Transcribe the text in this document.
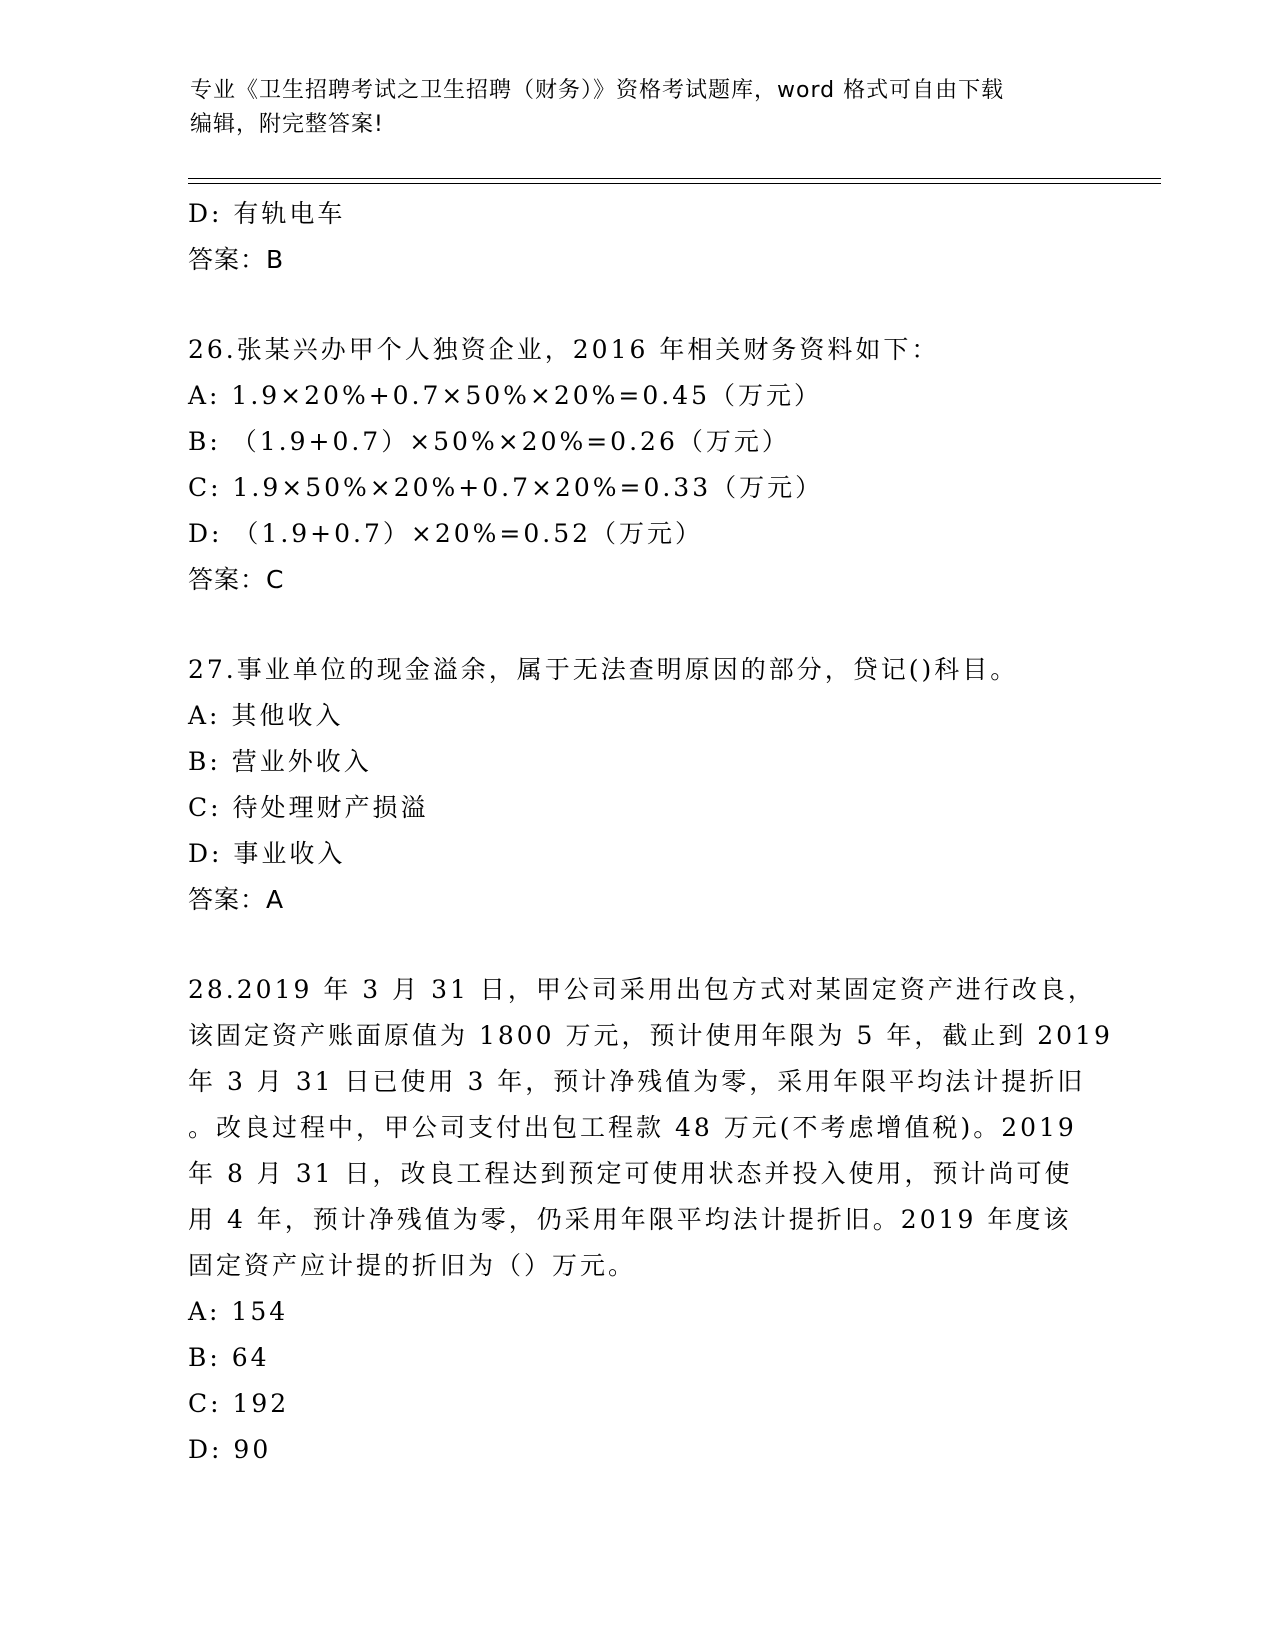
专业《卫生招聘考试之卫生招聘（财务）》资格考试题库，word 格式可自由下载
编辑，附完整答案!
D: 有轨电车
答案：B
26.张某兴办甲个人独资企业，2016 年相关财务资料如下：
A: 1.9×20%+0.7×50%×20%=0.45（万元）
B: （1.9+0.7）×50%×20%=0.26（万元）
C: 1.9×50%×20%+0.7×20%=0.33（万元）
D: （1.9+0.7）×20%=0.52（万元）
答案：C
27.事业单位的现金溢余，属于无法查明原因的部分，贷记()科目。
A: 其他收入
B: 营业外收入
C: 待处理财产损溢
D: 事业收入
答案：A
28.2019 年 3 月 31 日，甲公司采用出包方式对某固定资产进行改良，
该固定资产账面原值为 1800 万元，预计使用年限为 5 年，截止到 2019
年 3 月 31 日已使用 3 年，预计净残值为零，采用年限平均法计提折旧
。改良过程中，甲公司支付出包工程款 48 万元(不考虑增值税)。2019
年 8 月 31 日，改良工程达到预定可使用状态并投入使用，预计尚可使
用 4 年，预计净残值为零，仍采用年限平均法计提折旧。2019 年度该
固定资产应计提的折旧为（）万元。
A: 154
B: 64
C: 192
D: 90
